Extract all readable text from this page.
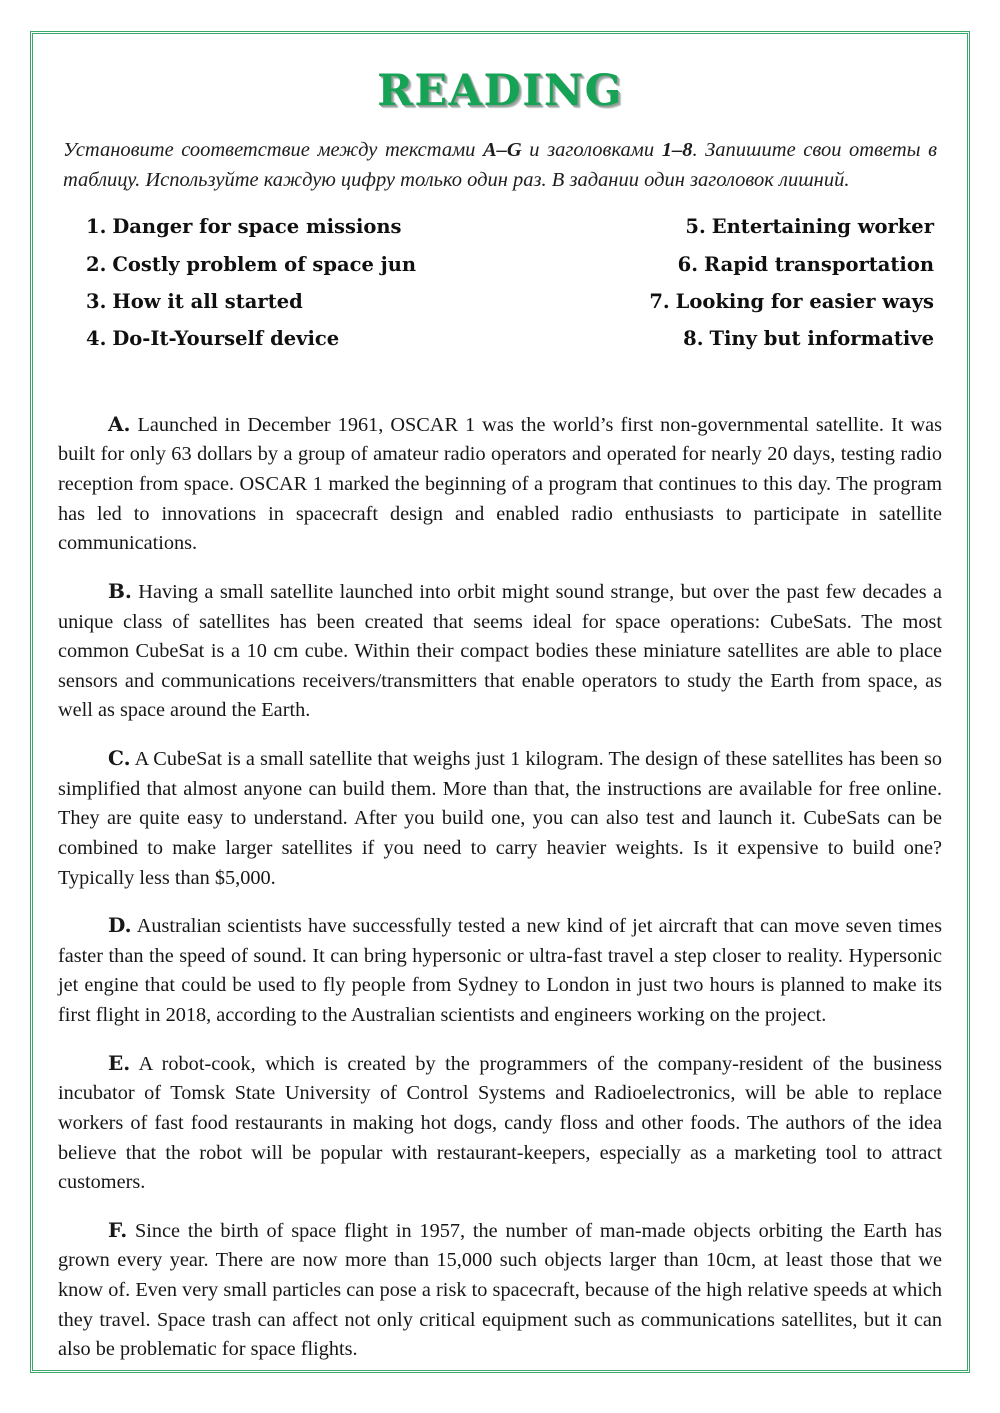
READING

Установите соответствие между текстами A–G и заголовками 1–8. Запишите свои ответы в таблицу. Используйте каждую цифру только один раз. В задании один заголовок лишний.

1. Danger for space missions
2. Costly problem of space jun
3. How it all started
4. Do-It-Yourself device
5. Entertaining worker
6. Rapid transportation
7. Looking for easier ways
8. Tiny but informative

A. Launched in December 1961, OSCAR 1 was the world’s first non-governmental satellite. It was built for only 63 dollars by a group of amateur radio operators and operated for nearly 20 days, testing radio reception from space. OSCAR 1 marked the beginning of a program that continues to this day. The program has led to innovations in spacecraft design and enabled radio enthusiasts to participate in satellite communications.

B. Having a small satellite launched into orbit might sound strange, but over the past few decades a unique class of satellites has been created that seems ideal for space operations: CubeSats. The most common CubeSat is a 10 cm cube. Within their compact bodies these miniature satellites are able to place sensors and communications receivers/transmitters that enable operators to study the Earth from space, as well as space around the Earth.

C. A CubeSat is a small satellite that weighs just 1 kilogram. The design of these satellites has been so simplified that almost anyone can build them. More than that, the instructions are available for free online. They are quite easy to understand. After you build one, you can also test and launch it. CubeSats can be combined to make larger satellites if you need to carry heavier weights. Is it expensive to build one? Typically less than $5,000.

D. Australian scientists have successfully tested a new kind of jet aircraft that can move seven times faster than the speed of sound. It can bring hypersonic or ultra-fast travel a step closer to reality. Hypersonic jet engine that could be used to fly people from Sydney to London in just two hours is planned to make its first flight in 2018, according to the Australian scientists and engineers working on the project.

E. A robot-cook, which is created by the programmers of the company-resident of the business incubator of Tomsk State University of Control Systems and Radioelectronics, will be able to replace workers of fast food restaurants in making hot dogs, candy floss and other foods. The authors of the idea believe that the robot will be popular with restaurant-keepers, especially as a marketing tool to attract customers.

F. Since the birth of space flight in 1957, the number of man-made objects orbiting the Earth has grown every year. There are now more than 15,000 such objects larger than 10cm, at least those that we know of. Even very small particles can pose a risk to spacecraft, because of the high relative speeds at which they travel. Space trash can affect not only critical equipment such as communications satellites, but it can also be problematic for space flights.
